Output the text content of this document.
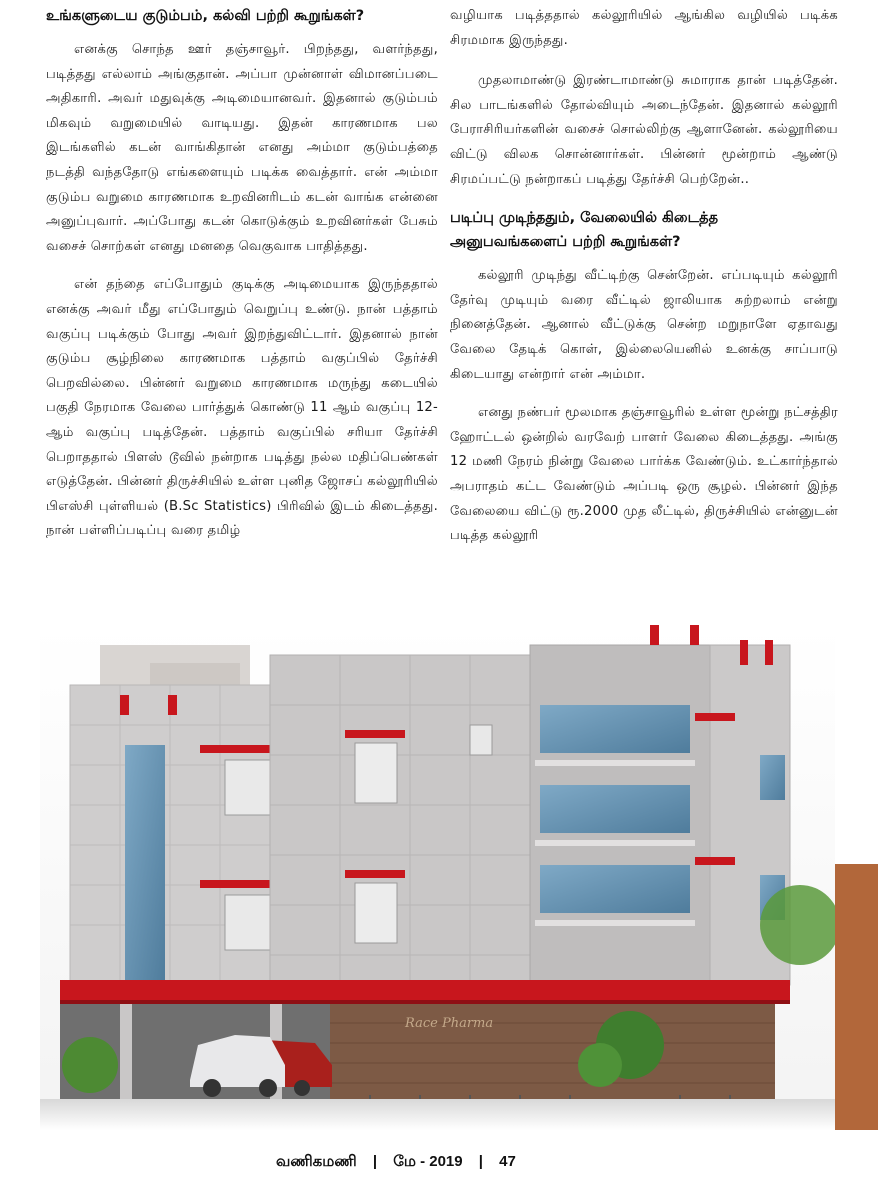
உங்களுடைய குடும்பம், கல்வி பற்றி கூறுங்கள்?

எனக்கு சொந்த ஊர் தஞ்சாவூர். பிறந்தது, வளர்ந்தது, படித்தது எல்லாம் அங்குதான். அப்பா முன்னாள் விமானப்படை அதிகாரி. அவர் மதுவுக்கு அடிமையானவர். இதனால் குடும்பம் மிகவும் வறுமையில் வாடியது. இதன் காரணமாக பல இடங்களில் கடன் வாங்கிதான் எனது அம்மா குடும்பத்தை நடத்தி வந்ததோடு எங்களையும் படிக்க வைத்தார். என் அம்மா குடும்ப வறுமை காரணமாக உறவினரிடம் கடன் வாங்க என்னை அனுப்புவார். அப்போது கடன் கொடுக்கும் உறவினர்கள் பேசும் வசைச் சொற்கள் எனது மனதை வெகுவாக பாதித்தது.

என் தந்தை எப்போதும் குடிக்கு அடிமையாக இருந்ததால் எனக்கு அவர் மீது எப்போதும் வெறுப்பு உண்டு. நான் பத்தாம் வகுப்பு படிக்கும் போது அவர் இறந்துவிட்டார். இதனால் நான் குடும்ப சூழ்நிலை காரணமாக பத்தாம் வகுப்பில் தேர்ச்சி பெறவில்லை. பின்னர் வறுமை காரணமாக மருந்து கடையில் பகுதி நேரமாக வேலை பார்த்துக் கொண்டு 11 ஆம் வகுப்பு 12-ஆம் வகுப்பு படித்தேன். பத்தாம் வகுப்பில் சரியா தேர்ச்சி பெறாததால் பிளஸ் டூவில் நன்றாக படித்து நல்ல மதிப்பெண்கள் எடுத்தேன். பின்னர் திருச்சியில் உள்ள புனித ஜோசப் கல்லூரியில் பிஎஸ்சி புள்ளியல் (B.Sc Statistics) பிரிவில் இடம் கிடைத்தது. நான் பள்ளிப்படிப்பு வரை தமிழ்

வழியாக படித்ததால் கல்லூரியில் ஆங்கில வழியில் படிக்க சிரமமாக இருந்தது.

முதலாமாண்டு இரண்டாமாண்டு சுமாராக தான் படித்தேன். சில பாடங்களில் தோல்வியும் அடைந்தேன். இதனால் கல்லூரி பேராசிரியர்களின் வசைச் சொல்லிற்கு ஆளானேன். கல்லூரியை விட்டு விலக சொன்னார்கள். பின்னர் மூன்றாம் ஆண்டு சிரமப்பட்டு நன்றாகப் படித்து தேர்ச்சி பெற்றேன்..

படிப்பு முடிந்ததும், வேலையில் கிடைத்த அனுபவங்களைப் பற்றி கூறுங்கள்?

கல்லூரி முடிந்து வீட்டிற்கு சென்றேன். எப்படியும் கல்லூரி தேர்வு முடியும் வரை வீட்டில் ஜாலியாக சுற்றலாம் என்று நினைத்தேன். ஆனால் வீட்டுக்கு சென்ற மறுநாளே ஏதாவது வேலை தேடிக் கொள், இல்லையெனில் உனக்கு சாப்பாடு கிடையாது என்றார் என் அம்மா.

எனது நண்பர் மூலமாக தஞ்சாவூரில் உள்ள மூன்று நட்சத்திர ஹோட்டல் ஒன்றில் வரவேற் பாளர் வேலை கிடைத்தது. அங்கு 12 மணி நேரம் நின்று வேலை பார்க்க வேண்டும். உட்கார்ந்தால் அபராதம் கட்ட வேண்டும் அப்படி ஒரு சூழல். பின்னர் இந்த வேலையை விட்டு ரூ.2000 முத லீட்டில், திருச்சியில் என்னுடன் படித்த கல்லூரி

Race Pharma
வணிகமணி | மே - 2019 | 47
